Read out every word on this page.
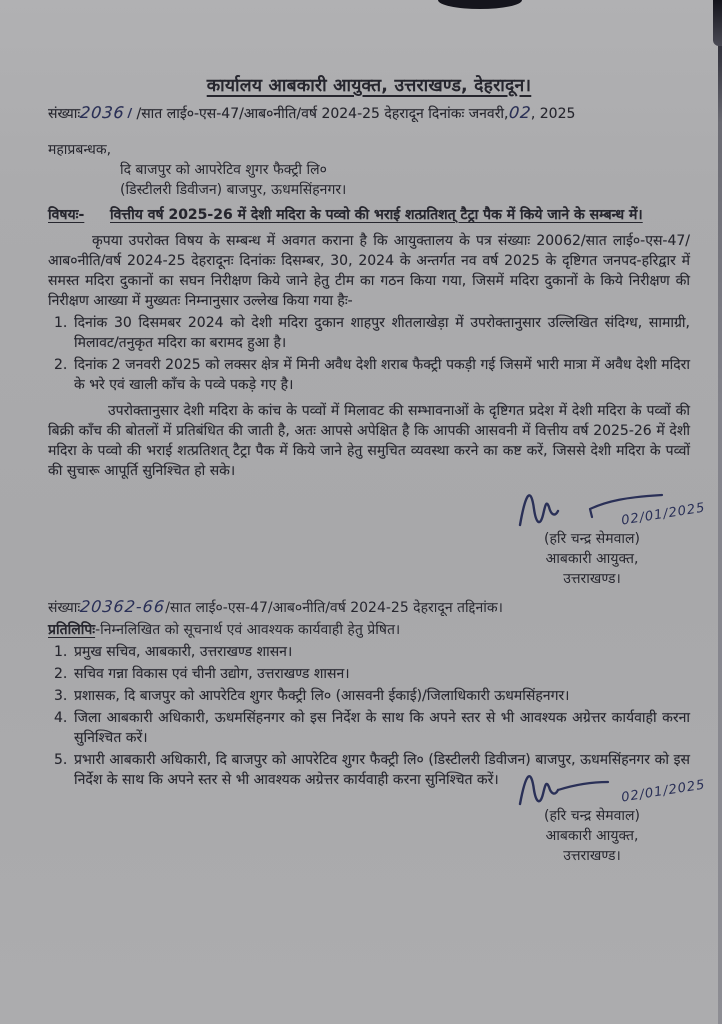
कार्यालय आबकारी आयुक्त, उत्तराखण्ड, देहरादून।
संख्याः2036। /सात लाई०-एस-47/आब०नीति/वर्ष 2024-25 देहरादून दिनांकः जनवरी,02, 2025
महाप्रबन्धक,
दि बाजपुर को आपरेटिव शुगर फैक्ट्री लि०
(डिस्टीलरी डिवीजन) बाजपुर, ऊधमसिंहनगर।
विषयः-	वित्तीय वर्ष 2025-26 में देशी मदिरा के पव्वो की भराई शत्प्रतिशत् टैट्रा पैक में किये जाने के सम्बन्ध में।
कृपया उपरोक्त विषय के सम्बन्ध में अवगत कराना है कि आयुक्तालय के पत्र संख्याः 20062/सात लाई०-एस-47/आब०नीति/वर्ष 2024-25 देहरादूनः दिनांकः दिसम्बर, 30, 2024 के अन्तर्गत नव वर्ष 2025 के दृष्टिगत जनपद-हरिद्वार में समस्त मदिरा दुकानों का सघन निरीक्षण किये जाने हेतु टीम का गठन किया गया, जिसमें मदिरा दुकानों के किये निरीक्षण की निरीक्षण आख्या में मुख्यतः निम्नानुसार उल्लेख किया गया हैः-
1. दिनांक 30 दिसमबर 2024 को देशी मदिरा दुकान शाहपुर शीतलाखेड़ा में उपरोक्तानुसार उल्लिखित संदिग्ध, सामाग्री, मिलावट/तनुकृत मदिरा का बरामद हुआ है।
2. दिनांक 2 जनवरी 2025 को लक्सर क्षेत्र में मिनी अवैध देशी शराब फैक्ट्री पकड़ी गई जिसमें भारी मात्रा में अवैध देशी मदिरा के भरे एवं खाली काँच के पव्वे पकड़े गए है।
उपरोक्तानुसार देशी मदिरा के कांच के पव्वों में मिलावट की सम्भावनाओं के दृष्टिगत प्रदेश में देशी मदिरा के पव्वों की बिक्री काँच की बोतलों में प्रतिबंधित की जाती है, अतः आपसे अपेक्षित है कि आपकी आसवनी में वित्तीय वर्ष 2025-26 में देशी मदिरा के पव्वो की भराई शत्प्रतिशत् टैट्रा पैक में किये जाने हेतु समुचित व्यवस्था करने का कष्ट करें, जिससे देशी मदिरा के पव्वों की सुचारू आपूर्ति सुनिश्चित हो सके।
02/01/2025
(हरि चन्द्र सेमवाल)
आबकारी आयुक्त,
उत्तराखण्ड।
संख्याः20362-66/सात लाई०-एस-47/आब०नीति/वर्ष 2024-25 देहरादून तद्दिनांक।
प्रतिलिपिः-निम्नलिखित को सूचनार्थ एवं आवश्यक कार्यवाही हेतु प्रेषित।
1. प्रमुख सचिव, आबकारी, उत्तराखण्ड शासन।
2. सचिव गन्ना विकास एवं चीनी उद्योग, उत्तराखण्ड शासन।
3. प्रशासक, दि बाजपुर को आपरेटिव शुगर फैक्ट्री लि० (आसवनी ईकाई)/जिलाधिकारी ऊधमसिंहनगर।
4. जिला आबकारी अधिकारी, ऊधमसिंहनगर को इस निर्देश के साथ कि अपने स्तर से भी आवश्यक अग्रेत्तर कार्यवाही करना सुनिश्चित करें।
5. प्रभारी आबकारी अधिकारी, दि बाजपुर को आपरेटिव शुगर फैक्ट्री लि० (डिस्टीलरी डिवीजन) बाजपुर, ऊधमसिंहनगर को इस निर्देश के साथ कि अपने स्तर से भी आवश्यक अग्रेत्तर कार्यवाही करना सुनिश्चित करें।	02/01/2025
(हरि चन्द्र सेमवाल)
आबकारी आयुक्त,
उत्तराखण्ड।
